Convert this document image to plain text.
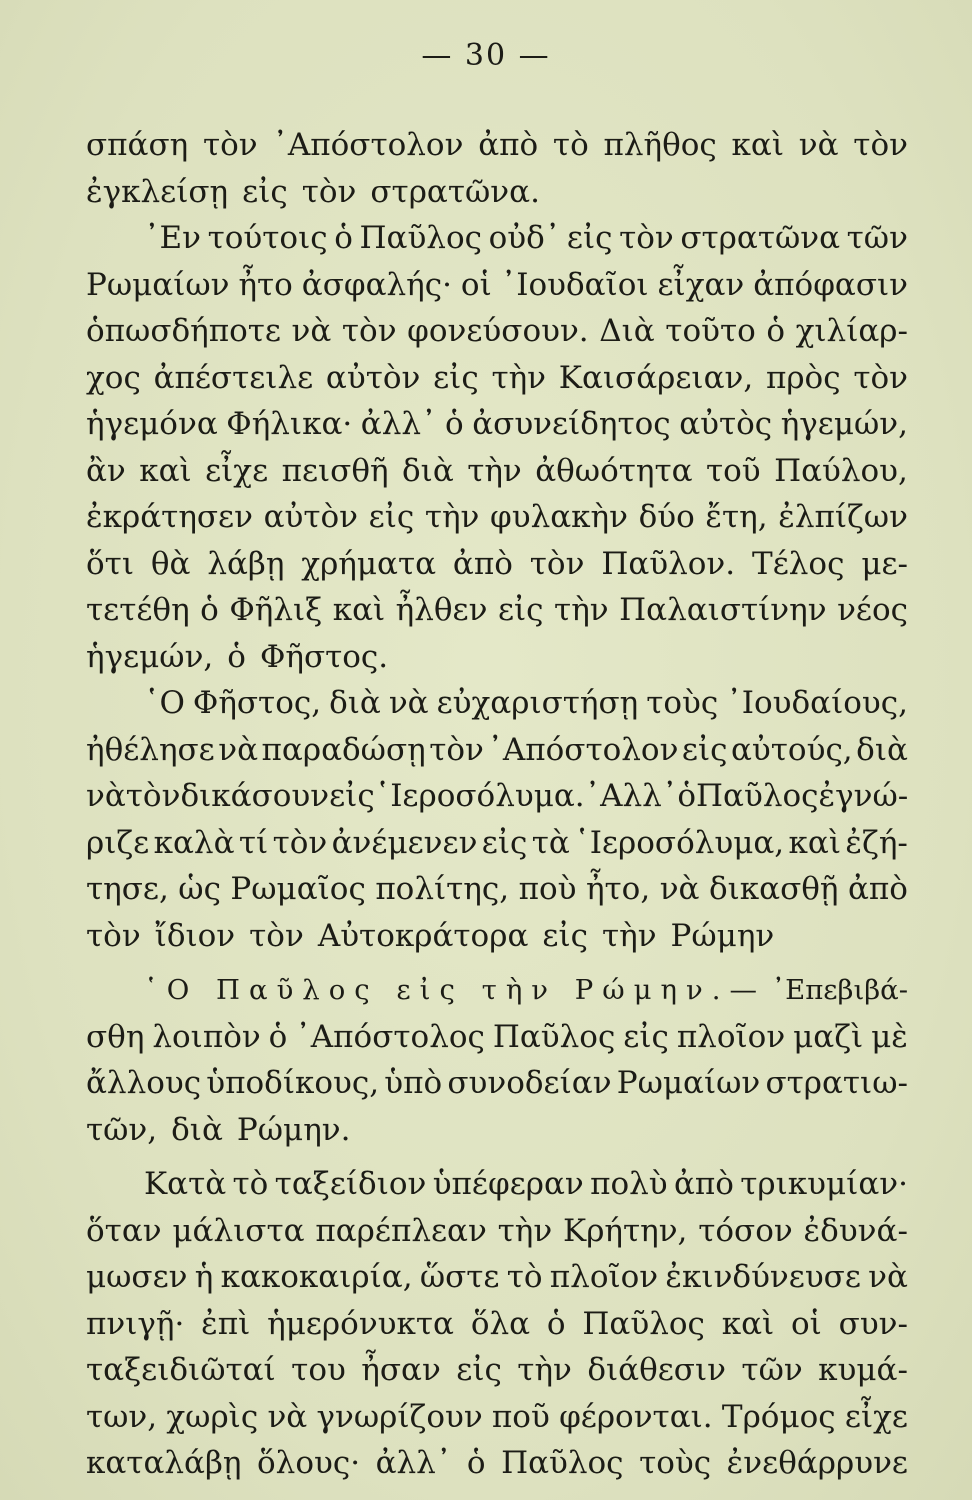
— 30 —
σπάση τὸν ᾿Απόστολον ἀπὸ τὸ πλῆθος καὶ νὰ τὸν
ἐγκλείσῃ εἰς τὸν στρατῶνα.
᾿Εν τούτοις ὁ Παῦλος οὐδ᾿ εἰς τὸν στρατῶνα τῶν
Ρωμαίων ἦτο ἀσφαλής· οἱ ᾿Ιουδαῖοι εἶχαν ἀπόφασιν
ὁπωσδήποτε νὰ τὸν φονεύσουν. Διὰ τοῦτο ὁ χιλίαρ-
χος ἀπέστειλε αὐτὸν εἰς τὴν Καισάρειαν, πρὸς τὸν
ἡγεμόνα Φήλικα· ἀλλ᾿ ὁ ἀσυνείδητος αὐτὸς ἡγεμών,
ἂν καὶ εἶχε πεισθῆ διὰ τὴν ἀθωότητα τοῦ Παύλου,
ἐκράτησεν αὐτὸν εἰς τὴν φυλακὴν δύο ἔτη, ἐλπίζων
ὅτι θὰ λάβῃ χρήματα ἀπὸ τὸν Παῦλον. Τέλος με-
τετέθη ὁ Φῆλιξ καὶ ἦλθεν εἰς τὴν Παλαιστίνην νέος
ἡγεμών, ὁ Φῆστος.
῾Ο Φῆστος, διὰ νὰ εὐχαριστήσῃ τοὺς ᾿Ιουδαίους,
ἠθέλησε νὰ παραδώσῃ τὸν ᾿Απόστολον εἰς αὐτούς, διὰ
νὰ τὸν δικάσουν εἰς ῾Ιεροσόλυμα. ᾿Αλλ᾿ ὁ Παῦλος ἐγνώ-
ριζε καλὰ τί τὸν ἀνέμενεν εἰς τὰ ῾Ιεροσόλυμα, καὶ ἐζή-
τησε, ὡς Ρωμαῖος πολίτης, ποὺ ἦτο, νὰ δικασθῇ ἀπὸ
τὸν ἴδιον τὸν Αὐτοκράτορα εἰς τὴν Ρώμην
῾Ο Παῦλος εἰς τὴν Ρώμην.— ᾿Επεβιβά-
σθη λοιπὸν ὁ ᾿Απόστολος Παῦλος εἰς πλοῖον μαζὶ μὲ
ἄλλους ὑποδίκους, ὑπὸ συνοδείαν Ρωμαίων στρατιω-
τῶν, διὰ Ρώμην.
Κατὰ τὸ ταξείδιον ὑπέφεραν πολὺ ἀπὸ τρικυμίαν·
ὅταν μάλιστα παρέπλεαν τὴν Κρήτην, τόσον ἐδυνά-
μωσεν ἡ κακοκαιρία, ὥστε τὸ πλοῖον ἐκινδύνευσε νὰ
πνιγῇ· ἐπὶ ἡμερόνυκτα ὅλα ὁ Παῦλος καὶ οἱ συν-
ταξειδιῶταί του ἦσαν εἰς τὴν διάθεσιν τῶν κυμά-
των, χωρὶς νὰ γνωρίζουν ποῦ φέρονται. Τρόμος εἶχε
καταλάβῃ ὅλους· ἀλλ᾿ ὁ Παῦλος τοὺς ἐνεθάρρυνε
